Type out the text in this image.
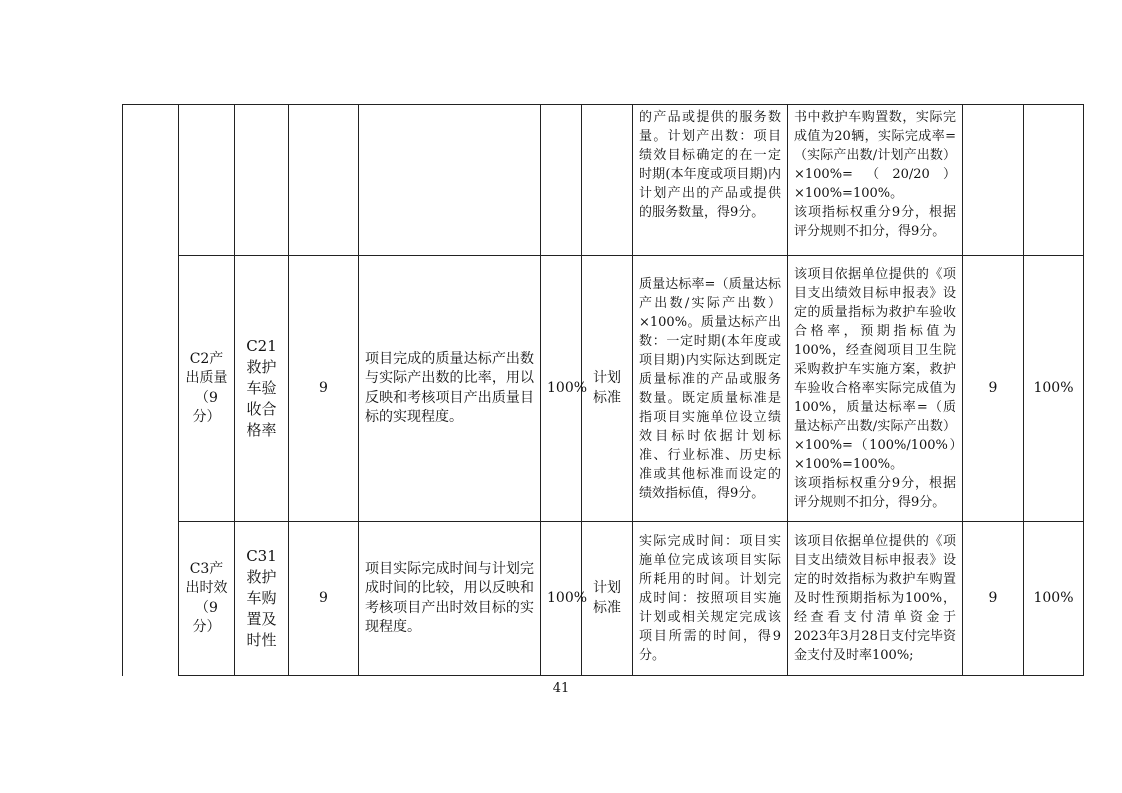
							的产品或提供的服务数量。计划产出数：项目绩效目标确定的在一定时期(本年度或项目期)内计划产出的产品或提供的服务数量，得9分。	书中救护车购置数，实际完成值为20辆，实际完成率=（实际产出数/计划产出数）×100%=（20/20）×100%=100%。
该项指标权重分9分，根据评分规则不扣分，得9分。		

	C2产出质量（9分）	C21救护车验收合格率	9	项目完成的质量达标产出数与实际产出数的比率，用以反映和考核项目产出质量目标的实现程度。	100%	计划标准	质量达标率=（质量达标产出数/实际产出数）×100%。质量达标产出数：一定时期(本年度或项目期)内实际达到既定质量标准的产品或服务数量。既定质量标准是指项目实施单位设立绩效目标时依据计划标准、行业标准、历史标准或其他标准而设定的绩效指标值，得9分。	该项目依据单位提供的《项目支出绩效目标申报表》设定的质量指标为救护车验收合格率，预期指标值为100%，经查阅项目卫生院采购救护车实施方案，救护车验收合格率实际完成值为100%，质量达标率=（质量达标产出数/实际产出数）×100%=（100%/100%）×100%=100%。
该项指标权重分9分，根据评分规则不扣分，得9分。	9	100%
	C3产出时效（9分）	C31救护车购置及时性	9	项目实际完成时间与计划完成时间的比较，用以反映和考核项目产出时效目标的实现程度。	100%	计划标准	实际完成时间：项目实施单位完成该项目实际所耗用的时间。计划完成时间：按照项目实施计划或相关规定完成该项目所需的时间，得9分。	该项目依据单位提供的《项目支出绩效目标申报表》设定的时效指标为救护车购置及时性预期指标为100%，经查看支付清单资金于2023年3月28日支付完毕资金支付及时率100%;	9	100%
41
